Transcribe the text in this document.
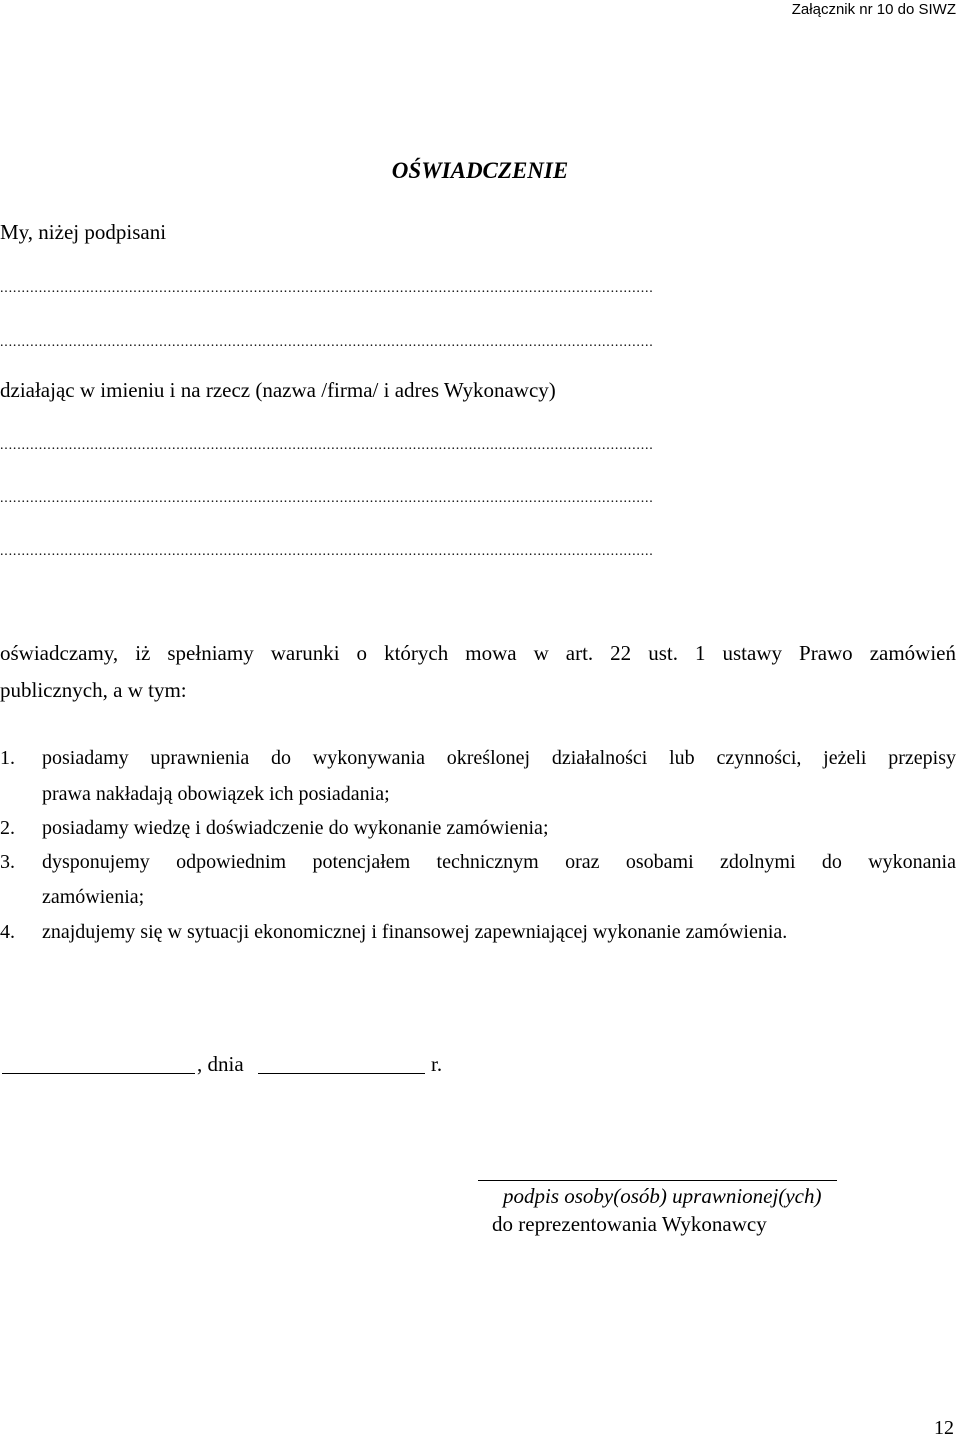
Załącznik nr 10 do SIWZ
OŚWIADCZENIE
My, niżej podpisani
........................................................................................................................................................
........................................................................................................................................................
działając w imieniu i na rzecz (nazwa /firma/ i adres Wykonawcy)
........................................................................................................................................................
........................................................................................................................................................
........................................................................................................................................................
oświadczamy, iż spełniamy warunki o których mowa w art. 22 ust. 1 ustawy Prawo zamówień
publicznych, a w tym:
1. posiadamy uprawnienia do wykonywania określonej działalności lub czynności, jeżeli przepisy
prawa nakładają obowiązek ich posiadania;
2. posiadamy wiedzę i doświadczenie do wykonanie zamówienia;
3. dysponujemy odpowiednim potencjałem technicznym oraz osobami zdolnymi do wykonania
zamówienia;
4. znajdujemy się w sytuacji ekonomicznej i finansowej zapewniającej wykonanie zamówienia.
, dnia	r.
podpis osoby(osób) uprawnionej(ych)
do reprezentowania Wykonawcy
12
